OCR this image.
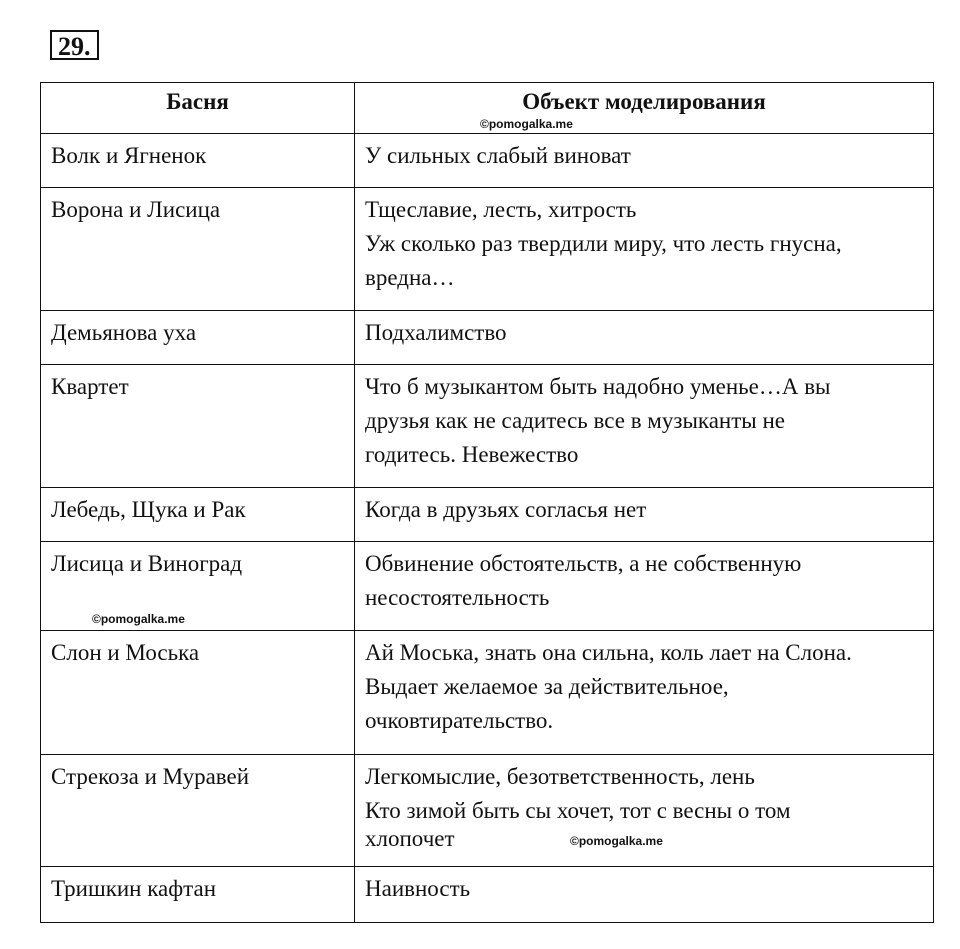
29.
Басня	Объект моделирования
Волк и Ягненок	У сильных слабый виноват

Ворона и Лисица	Тщеславие, лесть, хитрость
Уж сколько раз твердили миру, что лесть гнусна,
вредна…

Демьянова уха	Подхалимство

Квартет	Что б музыкантом быть надобно уменье…А вы
друзья как не садитесь все в музыканты не
годитесь. Невежество

Лебедь, Щука и Рак	Когда в друзьях согласья нет

Лисица и Виноград	Обвинение обстоятельств, а не собственную
несостоятельность

Слон и Моська	Ай Моська, знать она сильна, коль лает на Слона.
Выдает желаемое за действительное,
очковтирательство.

Стрекоза и Муравей	Легкомыслие, безответственность, лень
Кто зимой быть сы хочет, тот с весны о том
хлопочет

Тришкин кафтан	Наивность
©pomogalka.me
©pomogalka.me
©pomogalka.me
